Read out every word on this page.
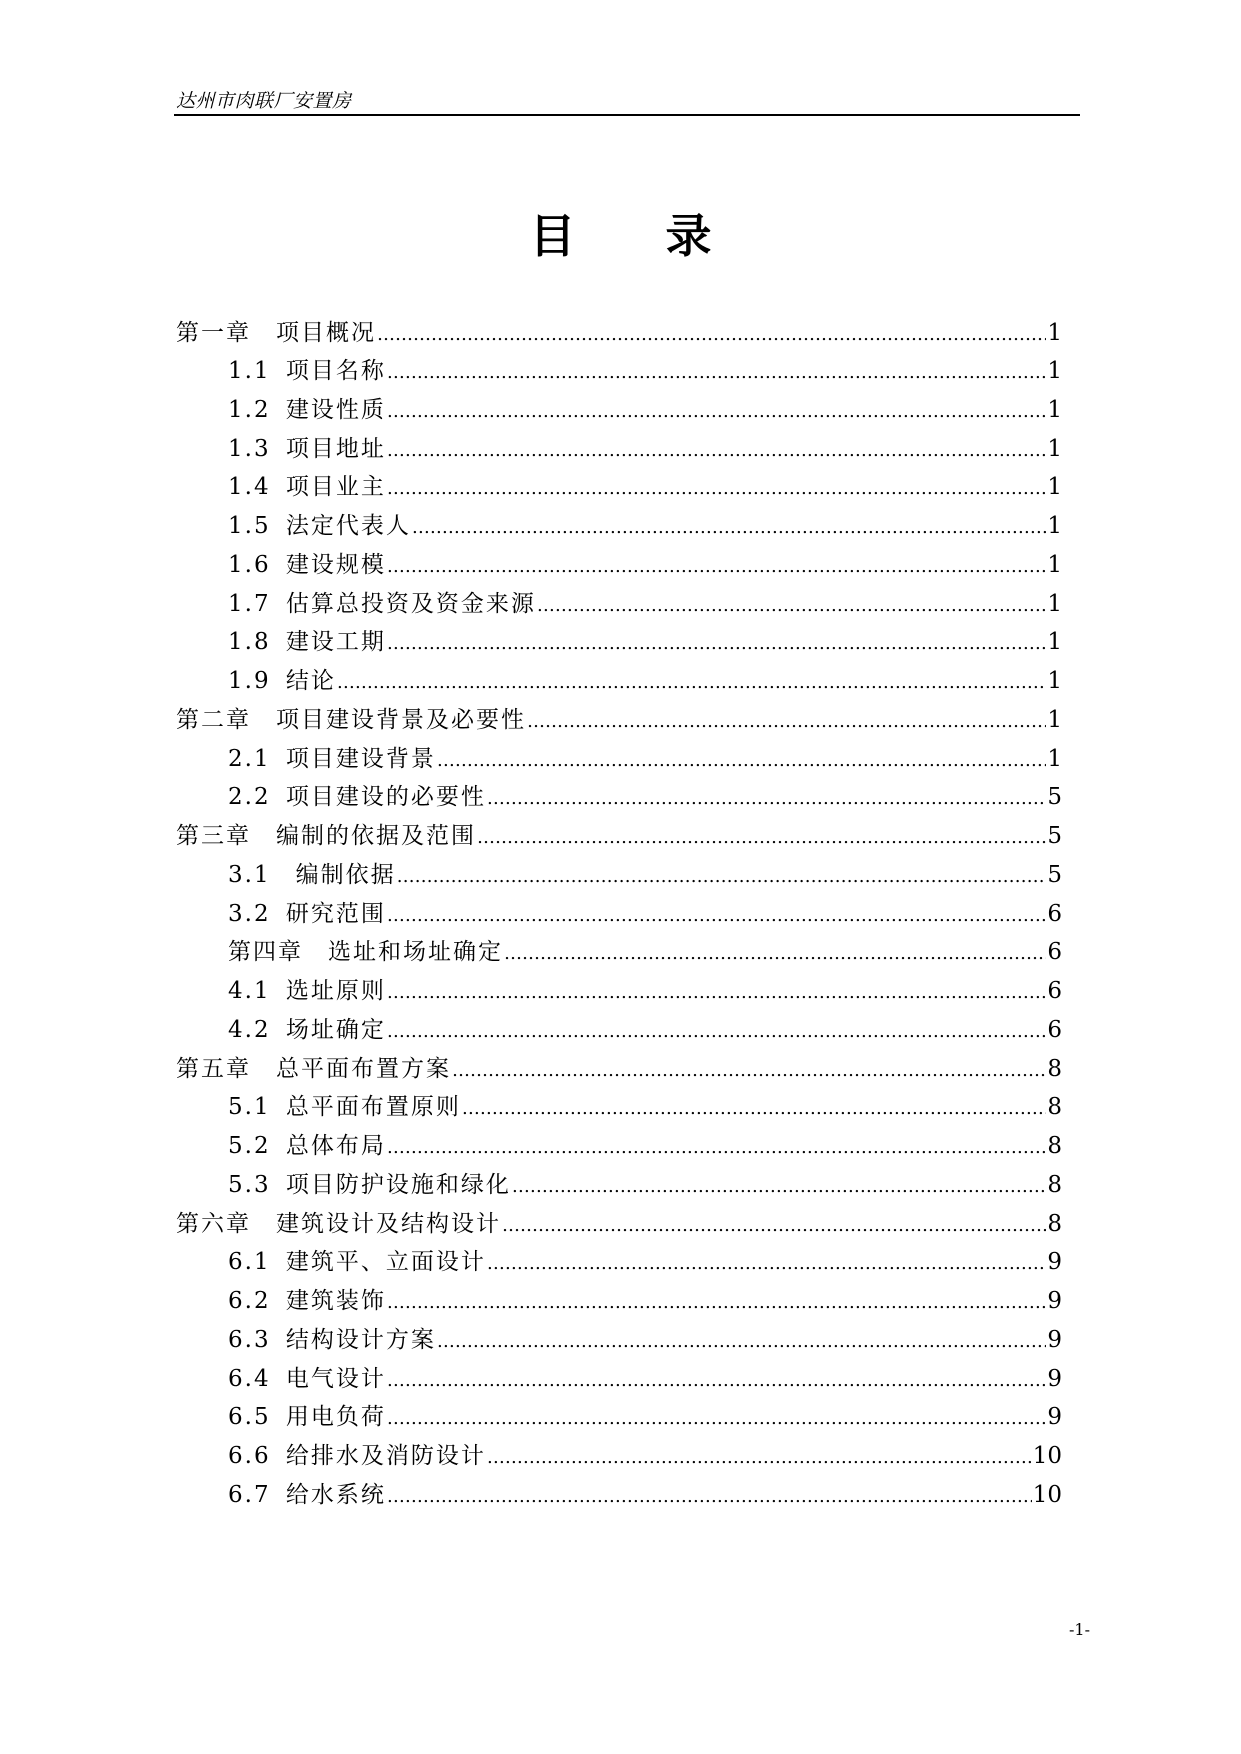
达州市肉联厂安置房
目录
第一章　项目概况 ………………………………………………………………………………………………………………………………………………………………………………………………………………	1
1.1 项目名称 ………………………………………………………………………………………………………………………………………………………………………………………………………………	1
1.2 建设性质 ………………………………………………………………………………………………………………………………………………………………………………………………………………	1
1.3 项目地址 ………………………………………………………………………………………………………………………………………………………………………………………………………………	1
1.4 项目业主 ………………………………………………………………………………………………………………………………………………………………………………………………………………	1
1.5 法定代表人 ………………………………………………………………………………………………………………………………………………………………………………………………………………	1
1.6 建设规模 ………………………………………………………………………………………………………………………………………………………………………………………………………………	1
1.7 估算总投资及资金来源 ………………………………………………………………………………………………………………………………………………………………………………………………………………	1
1.8 建设工期 ………………………………………………………………………………………………………………………………………………………………………………………………………………	1
1.9 结论 ………………………………………………………………………………………………………………………………………………………………………………………………………………	1
第二章　项目建设背景及必要性 ………………………………………………………………………………………………………………………………………………………………………………………………………………	1
2.1 项目建设背景 ………………………………………………………………………………………………………………………………………………………………………………………………………………	1
2.2 项目建设的必要性 ………………………………………………………………………………………………………………………………………………………………………………………………………………	5
第三章　编制的依据及范围 ………………………………………………………………………………………………………………………………………………………………………………………………………………	5
3.1　编制依据 ………………………………………………………………………………………………………………………………………………………………………………………………………………	5
3.2 研究范围 ………………………………………………………………………………………………………………………………………………………………………………………………………………	6
第四章　选址和场址确定 ………………………………………………………………………………………………………………………………………………………………………………………………………………	6
4.1 选址原则 ………………………………………………………………………………………………………………………………………………………………………………………………………………	6
4.2 场址确定 ………………………………………………………………………………………………………………………………………………………………………………………………………………	6
第五章　总平面布置方案 ………………………………………………………………………………………………………………………………………………………………………………………………………………	8
5.1 总平面布置原则 ………………………………………………………………………………………………………………………………………………………………………………………………………………	8
5.2 总体布局 ………………………………………………………………………………………………………………………………………………………………………………………………………………	8
5.3 项目防护设施和绿化 ………………………………………………………………………………………………………………………………………………………………………………………………………………	8
第六章　建筑设计及结构设计 ………………………………………………………………………………………………………………………………………………………………………………………………………………	8
6.1 建筑平、立面设计 ………………………………………………………………………………………………………………………………………………………………………………………………………………	9
6.2 建筑装饰 ………………………………………………………………………………………………………………………………………………………………………………………………………………	9
6.3 结构设计方案 ………………………………………………………………………………………………………………………………………………………………………………………………………………	9
6.4 电气设计 ………………………………………………………………………………………………………………………………………………………………………………………………………………	9
6.5 用电负荷 ………………………………………………………………………………………………………………………………………………………………………………………………………………	9
6.6 给排水及消防设计 ………………………………………………………………………………………………………………………………………………………………………………………………………………	10
6.7 给水系统 ………………………………………………………………………………………………………………………………………………………………………………………………………………	10
-1-
